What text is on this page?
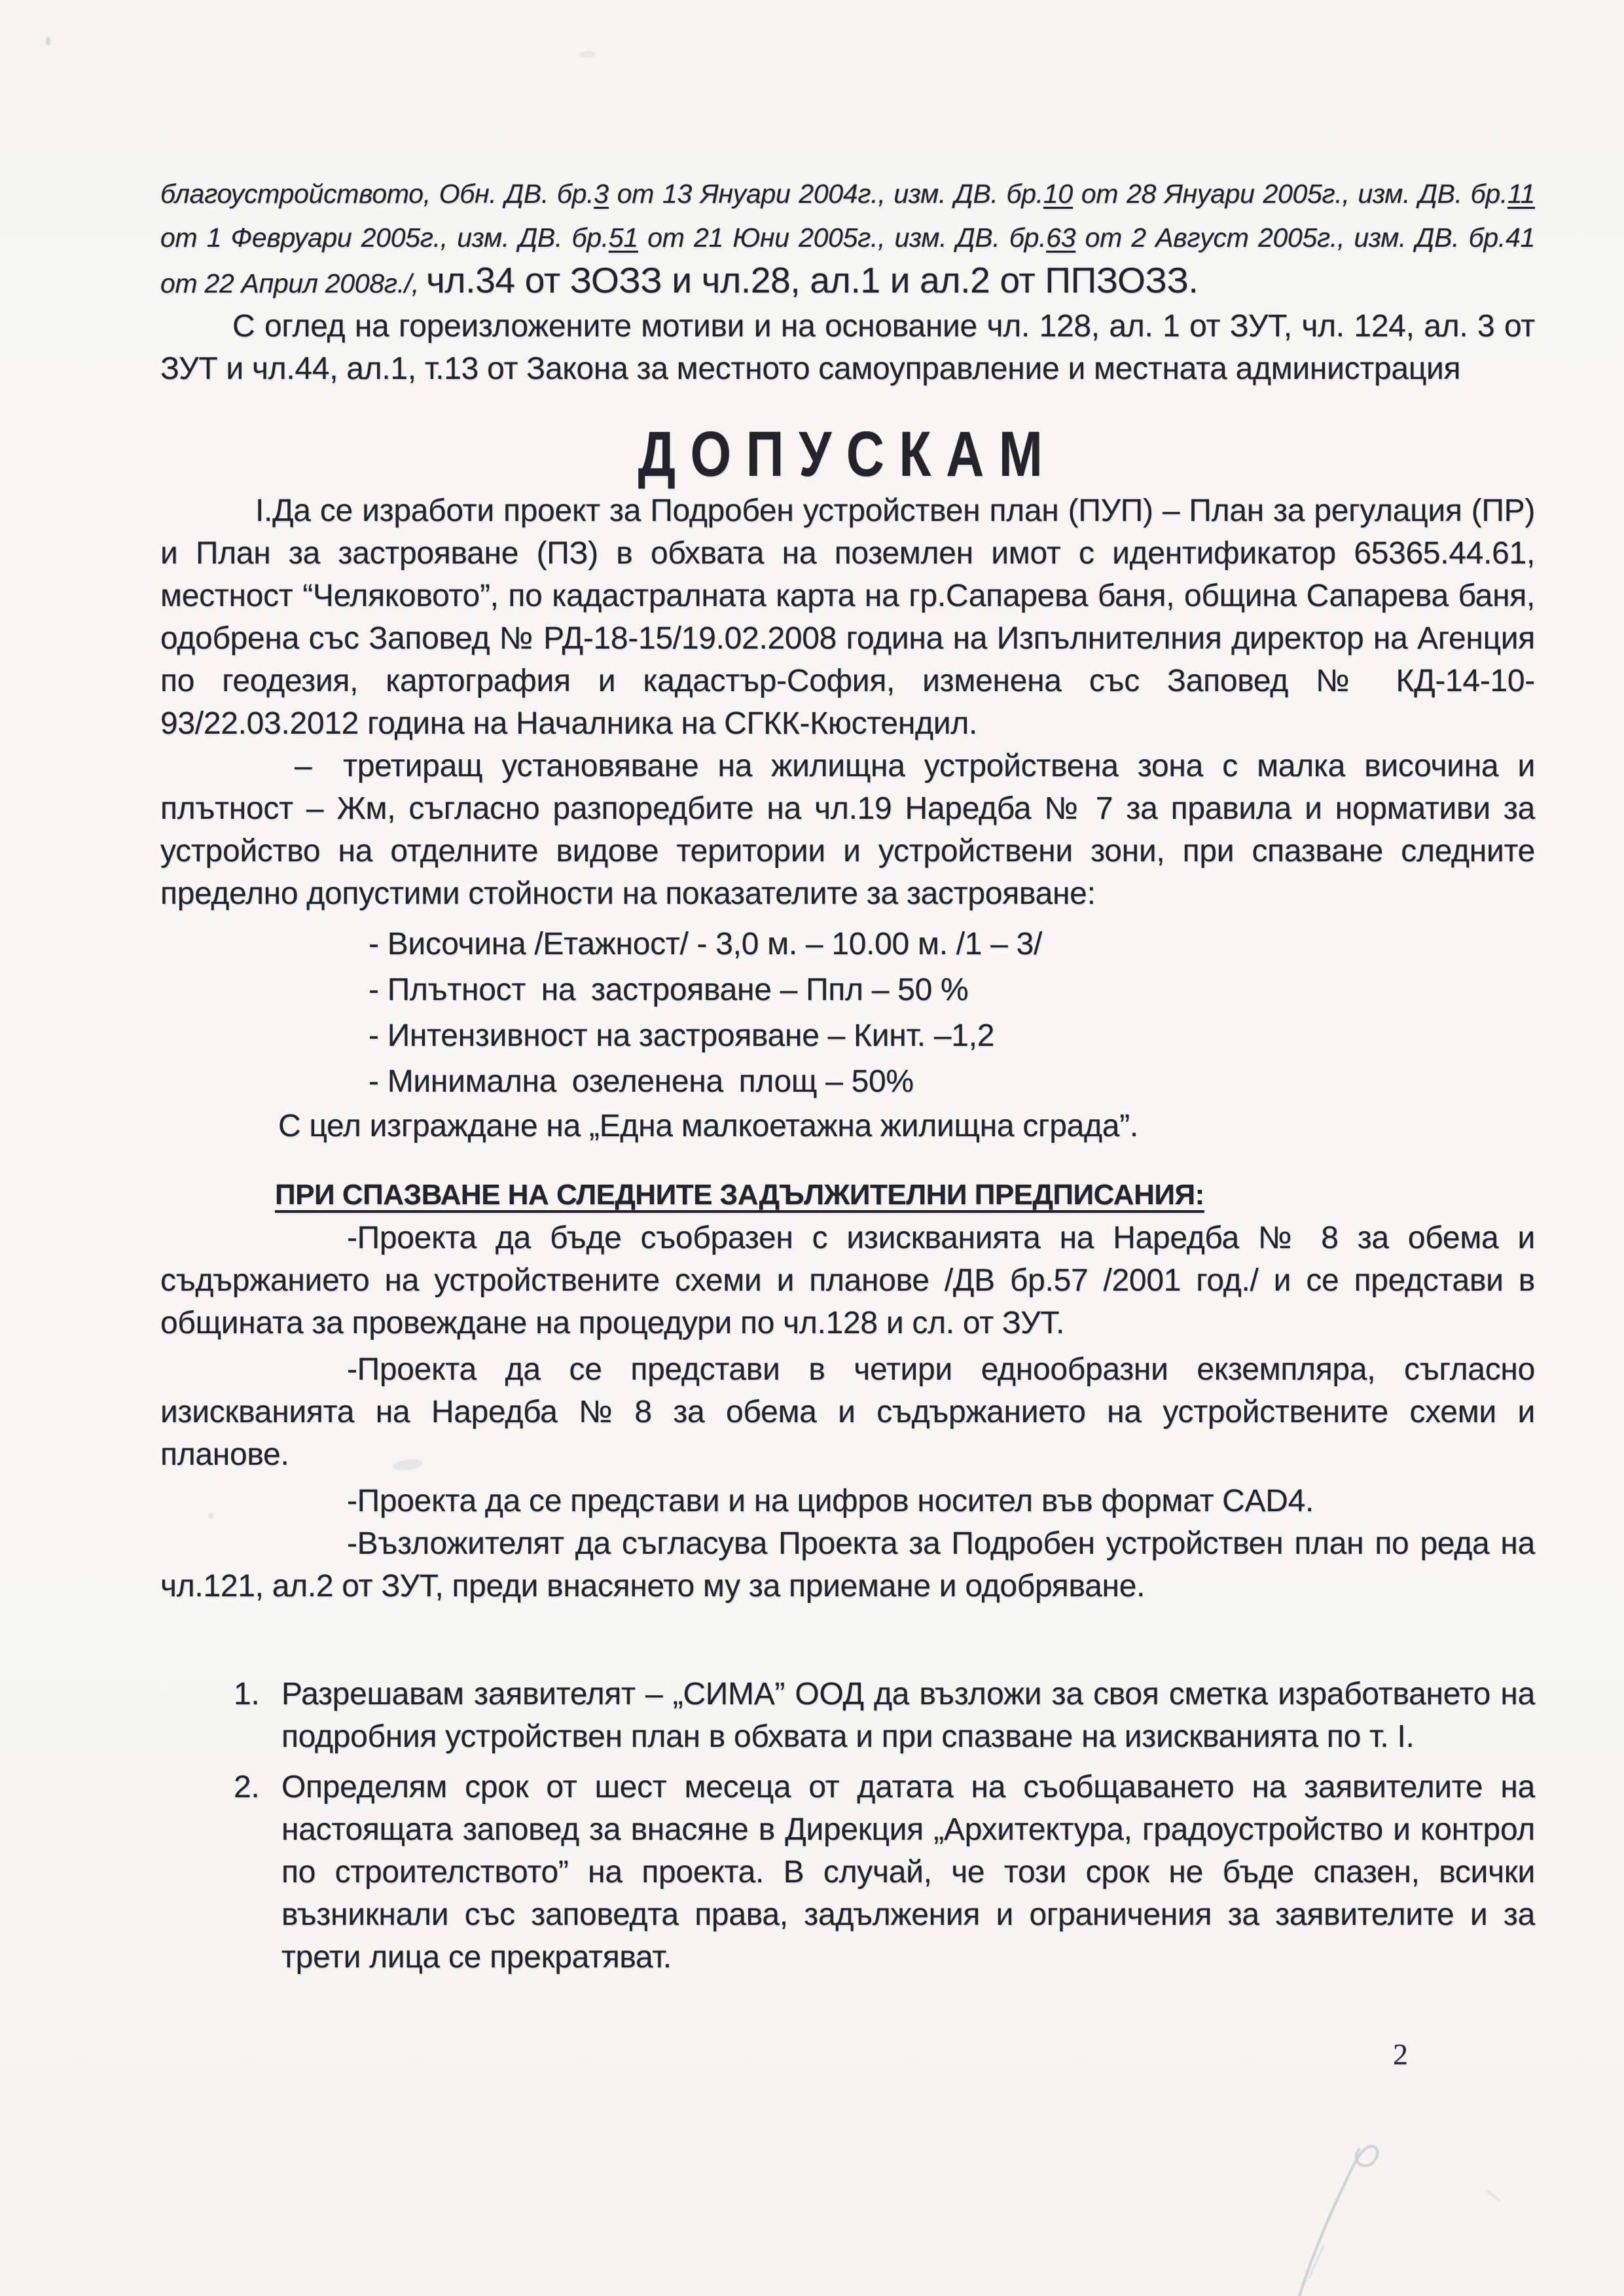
благоустройството, Обн. ДВ. бр.3 от 13 Януари 2004г., изм. ДВ. бр.10 от 28 Януари 2005г., изм. ДВ. бр.11 от 1 Февруари 2005г., изм. ДВ. бр.51 от 21 Юни 2005г., изм. ДВ. бр.63 от 2 Август 2005г., изм. ДВ. бр.41 от 22 Април 2008г./, чл.34 от ЗОЗЗ и чл.28, ал.1 и ал.2 от ППЗОЗЗ.

С оглед на гореизложените мотиви и на основание чл. 128, ал. 1 от ЗУТ, чл. 124, ал. 3 от ЗУТ и чл.44, ал.1, т.13 от Закона за местното самоуправление и местната администрация

ДОПУСКАМ

І.Да се изработи проект за Подробен устройствен план (ПУП) – План за регулация (ПР) и План за застрояване (ПЗ) в обхвата на поземлен имот с идентификатор 65365.44.61, местност “Челяковото”, по кадастралната карта на гр.Сапарева баня, община Сапарева баня, одобрена със Заповед № РД-18-15/19.02.2008 година на Изпълнителния директор на Агенция по геодезия, картография и кадастър-София, изменена със Заповед № КД-14-10-93/22.03.2012 година на Началника на СГКК-Кюстендил.

– третиращ установяване на жилищна устройствена зона с малка височина и плътност – Жм, съгласно разпоредбите на чл.19 Наредба № 7 за правила и нормативи за устройство на отделните видове територии и устройствени зони, при спазване следните пределно допустими стойности на показателите за застрояване:

- Височина /Етажност/ - 3,0 м. – 10.00 м. /1 – 3/
- Плътност на застрояване – Ппл – 50 %
- Интензивност на застрояване – Кинт. –1,2
- Минимална озеленена площ – 50%

С цел изграждане на „Една малкоетажна жилищна сграда”.

ПРИ СПАЗВАНЕ НА СЛЕДНИТЕ ЗАДЪЛЖИТЕЛНИ ПРЕДПИСАНИЯ:

-Проекта да бъде съобразен с изискванията на Наредба № 8 за обема и съдържанието на устройствените схеми и планове /ДВ бр.57 /2001 год./ и се представи в общината за провеждане на процедури по чл.128 и сл. от ЗУТ.

-Проекта да се представи в четири еднообразни екземпляра, съгласно изискванията на Наредба № 8 за обема и съдържанието на устройствените схеми и планове.

-Проекта да се представи и на цифров носител във формат CAD4.

-Възложителят да съгласува Проекта за Подробен устройствен план по реда на чл.121, ал.2 от ЗУТ, преди внасянето му за приемане и одобряване.

1. Разрешавам заявителят – „СИМА” ООД да възложи за своя сметка изработването на подробния устройствен план в обхвата и при спазване на изискванията по т. І.
2. Определям срок от шест месеца от датата на съобщаването на заявителите на настоящата заповед за внасяне в Дирекция „Архитектура, градоустройство и контрол по строителството” на проекта. В случай, че този срок не бъде спазен, всички възникнали със заповедта права, задължения и ограничения за заявителите и за трети лица се прекратяват.
2
